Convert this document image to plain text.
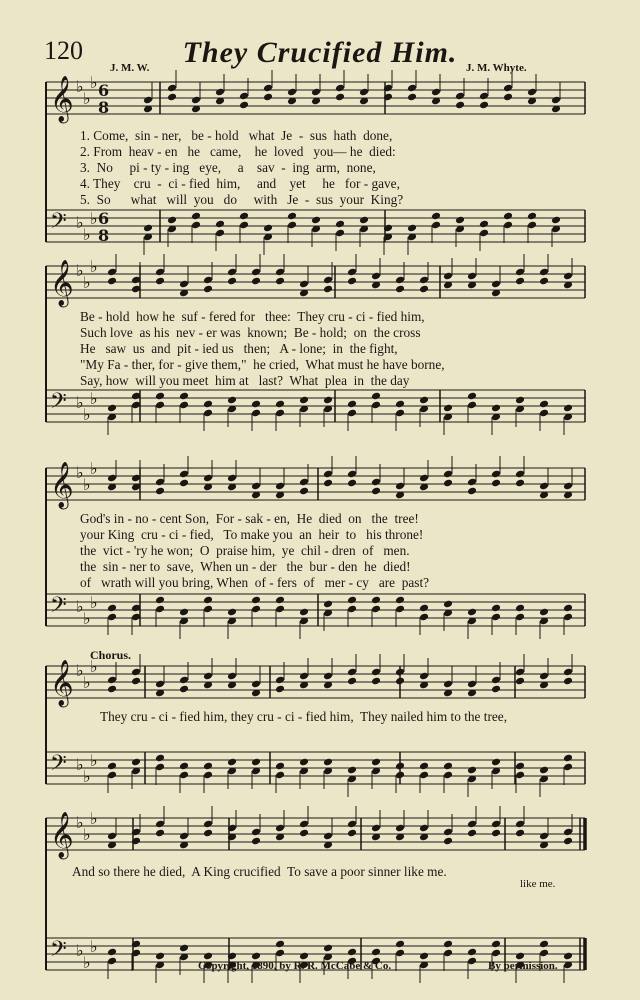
120	They Crucified Him.
J. M. W.	J. M. Whyte.
𝄞 ♭
♭
♭
𝄢 ♭
♭
♭
𝄞 ♭
♭
♭
𝄢 ♭
♭
♭
𝄞 ♭
♭
♭
𝄢 ♭
♭
♭
𝄞 ♭
♭
♭
𝄢 ♭
♭
♭
𝄞 ♭
♭
♭
𝄢 ♭
♭
♭
6
8
6
8
1. Come,  sin - ner,   be - hold   what  Je  -  sus  hath  done,
2. From  heav - en   he   came,    he  loved   you— he  died:
3.  No     pi - ty - ing   eye,     a    sav  -  ing  arm,  none,
4. They    cru  -  ci - fied  him,     and    yet     he   for - gave,
5.  So      what   will  you   do     with   Je  -  sus  your  King?
Be - hold  how he  suf - fered for   thee:  They cru - ci - fied him,
Such love  as his  nev - er was  known;  Be - hold;  on  the cross
He   saw  us  and  pit - ied us   then;   A - lone;  in  the fight,
"My Fa - ther, for - give them,"  he cried,  What must he have borne,
Say, how  will you meet  him at   last?  What  plea  in  the day
God's in - no - cent Son,  For - sak - en,  He  died  on   the  tree!
your King  cru - ci - fied,   To make you  an  heir  to   his throne!
the  vict - 'ry he won;  O  praise him,  ye  chil - dren  of   men.
the  sin - ner to  save,  When un - der   the  bur - den  he  died!
of   wrath will you bring, When  of - fers  of   mer - cy   are  past?
Chorus.
They cru - ci - fied him, they cru - ci - fied him,  They nailed him to the tree,
And so there he died,  A King crucified  To save a poor sinner like me.
like me.
Copyright, 1890, by R. R. McCabe & Co.	By permission.
